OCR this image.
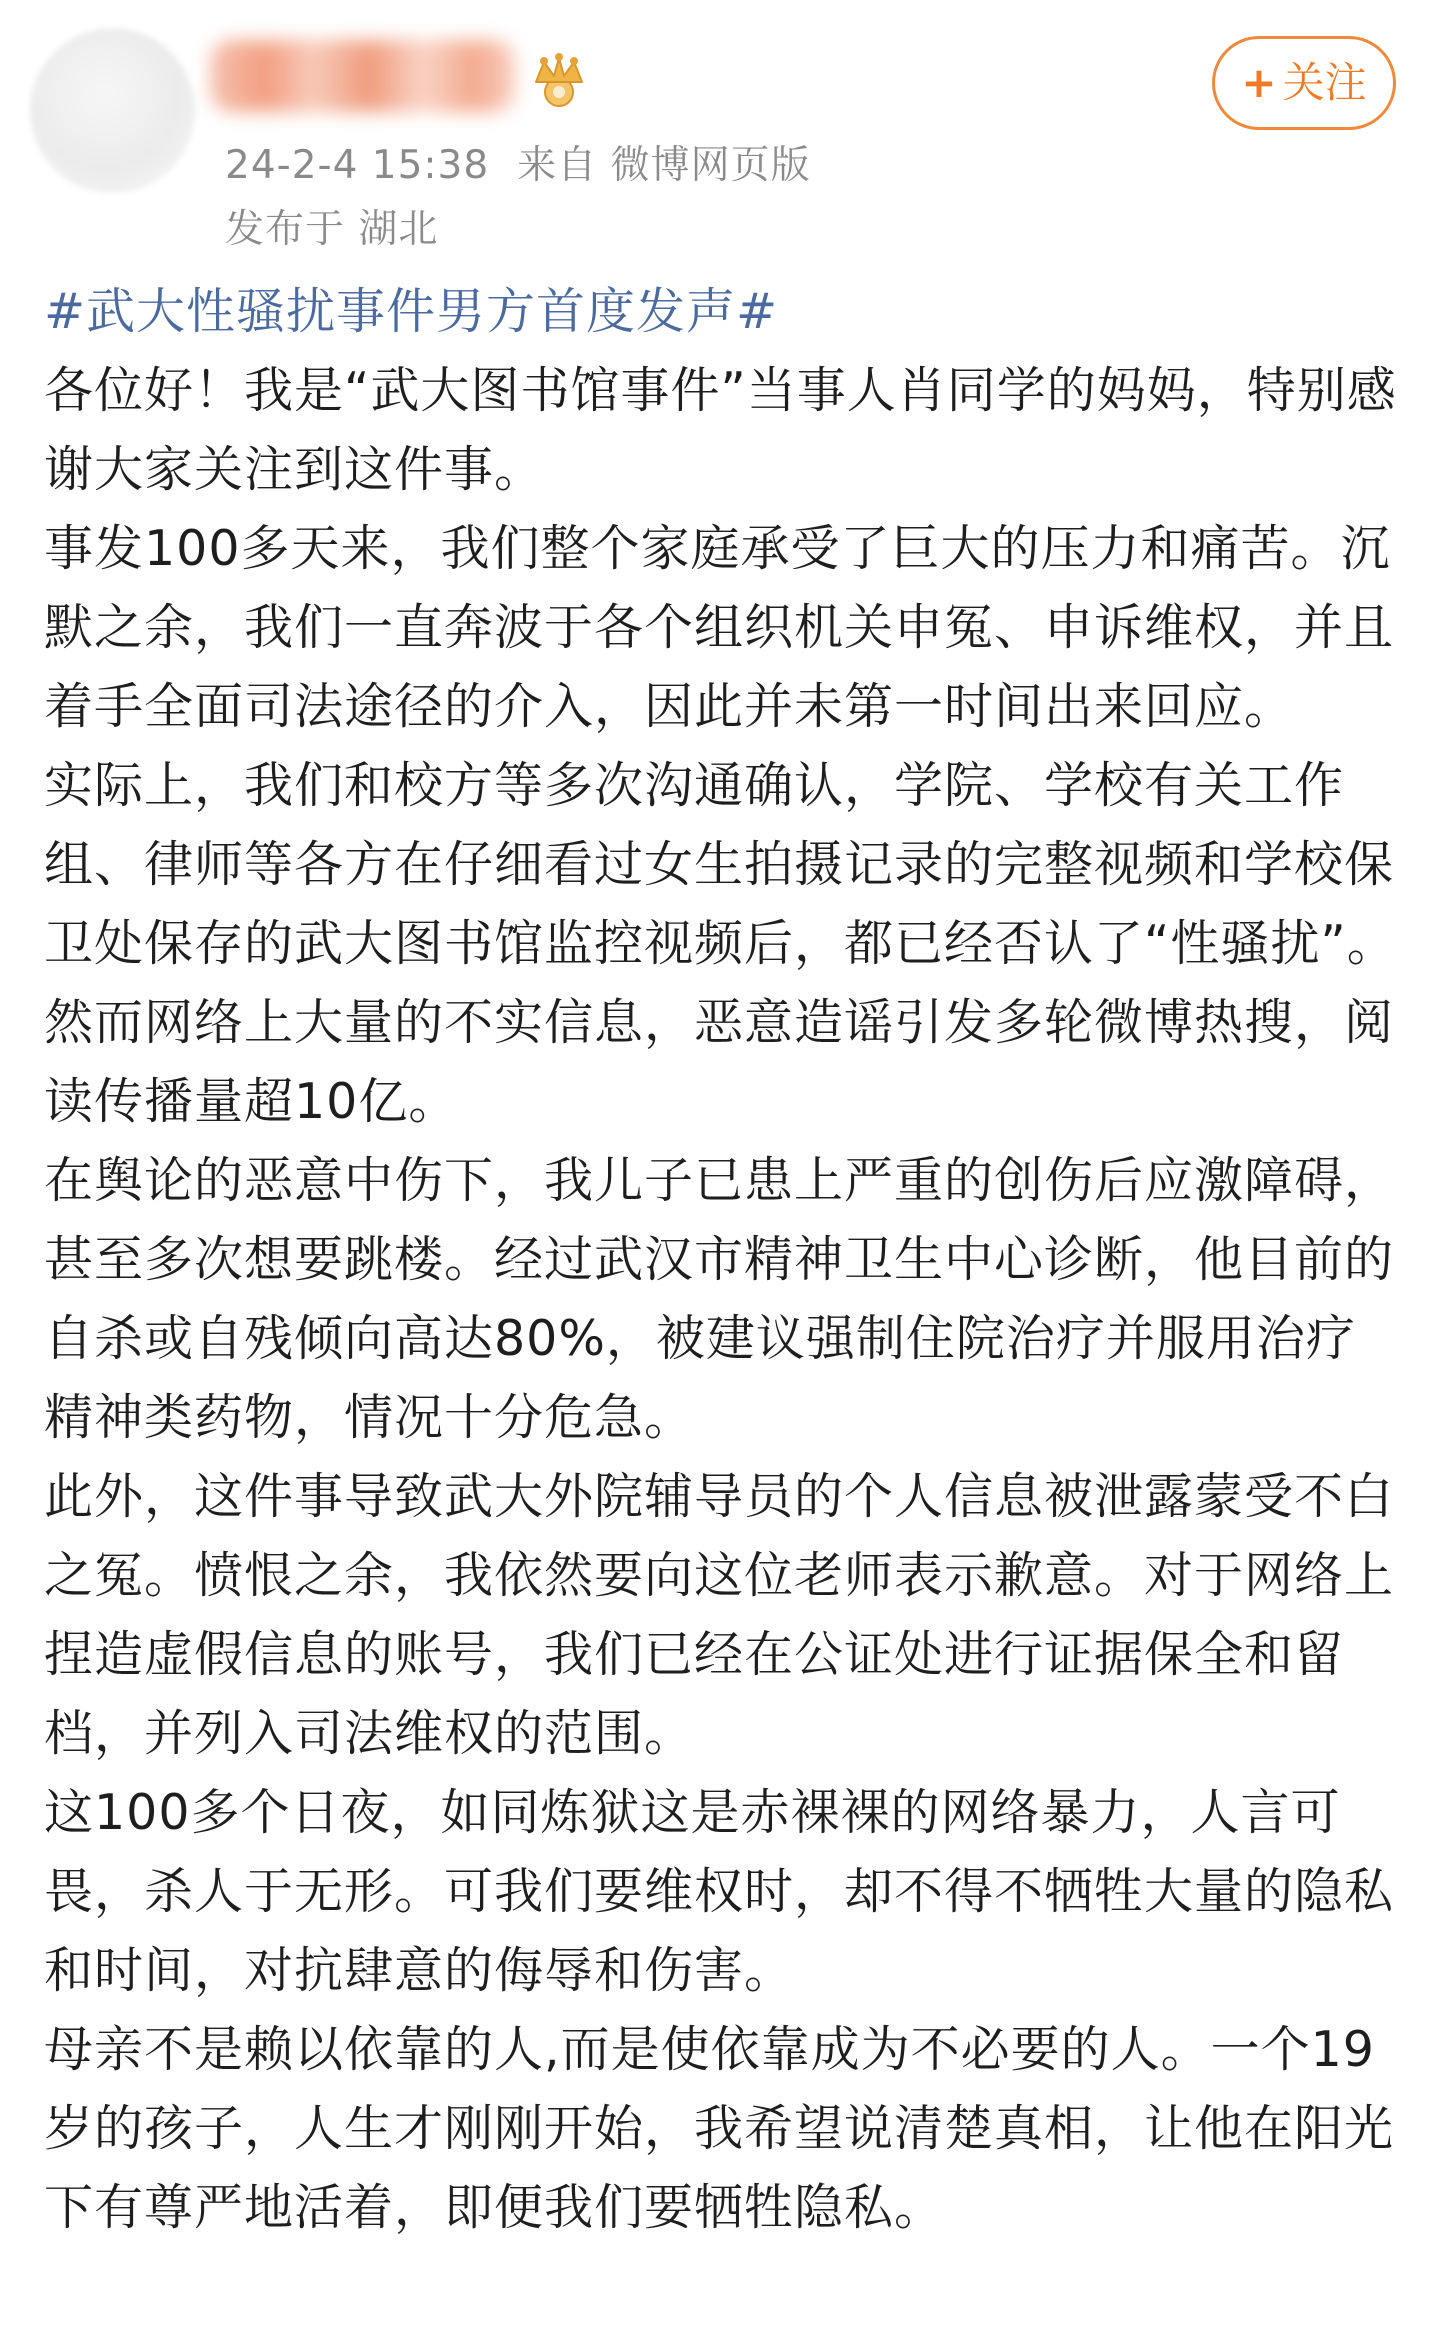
24-2-4 15:38 来自 微博网页版
发布于 湖北
+ 关注
#武大性骚扰事件男方首度发声#

各位好！我是“武大图书馆事件”当事人肖同学的妈妈，特别感谢大家关注到这件事。

事发100多天来，我们整个家庭承受了巨大的压力和痛苦。沉默之余，我们一直奔波于各个组织机关申冤、申诉维权，并且着手全面司法途径的介入，因此并未第一时间出来回应。

实际上，我们和校方等多次沟通确认，学院、学校有关工作组、律师等各方在仔细看过女生拍摄记录的完整视频和学校保卫处保存的武大图书馆监控视频后，都已经否认了“性骚扰”。然而网络上大量的不实信息，恶意造谣引发多轮微博热搜，阅读传播量超10亿。

在舆论的恶意中伤下，我儿子已患上严重的创伤后应激障碍，甚至多次想要跳楼。经过武汉市精神卫生中心诊断，他目前的自杀或自残倾向高达80%，被建议强制住院治疗并服用治疗精神类药物，情况十分危急。

此外，这件事导致武大外院辅导员的个人信息被泄露蒙受不白之冤。愤恨之余，我依然要向这位老师表示歉意。对于网络上捏造虚假信息的账号，我们已经在公证处进行证据保全和留档，并列入司法维权的范围。

这100多个日夜，如同炼狱这是赤裸裸的网络暴力，人言可畏，杀人于无形。可我们要维权时，却不得不牺牲大量的隐私和时间，对抗肆意的侮辱和伤害。

母亲不是赖以依靠的人,而是使依靠成为不必要的人。一个19岁的孩子，人生才刚刚开始，我希望说清楚真相，让他在阳光下有尊严地活着，即便我们要牺牲隐私。
